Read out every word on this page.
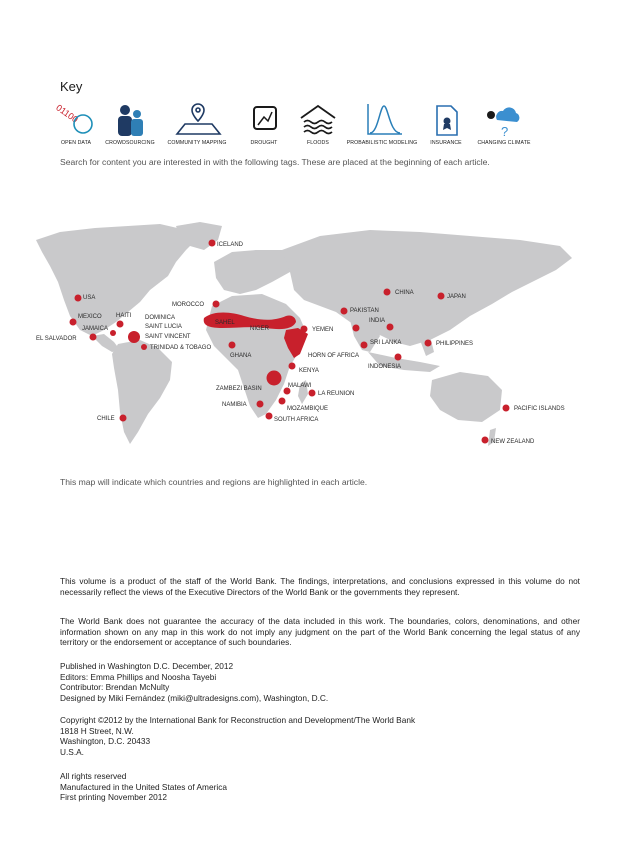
Key
01100
?
OPEN DATA	CROWDSOURCING COMMUNITY MAPPING	DROUGHT	FLOODS	PROBABILISTIC MODELING	INSURANCE	CHANGING CLIMATE
Search for content you are interested in with the following tags. These are placed at the beginning of each article.
ICELAND
USA
MOROCCO
CHINA
JAPAN
PAKISTAN
INDIA
MEXICO HAITI DOMINICA
SAINT LUCIA
SAINT VINCENT
JAMAICA
EL SALVADOR
TRINIDAD & TOBAGO
SAHEL
NIGER	YEMEN
SRI LANKA	PHILIPPINES
GHANA	HORN OF AFRICA
INDONESIA
KENYA
ZAMBEZI BASIN	MALAWI
LA REUNION
NAMIBIA
MOZAMBIQUE
SOUTH AFRICA
CHILE
PACIFIC ISLANDS
NEW ZEALAND
This map will indicate which countries and regions are highlighted in each article.

This volume is a product of the staff of the World Bank. The findings, interpretations, and conclusions expressed in this volume do not necessarily reflect the views of the Executive Directors of the World Bank or the governments they represent.

The World Bank does not guarantee the accuracy of the data included in this work. The boundaries, colors, denominations, and other information shown on any map in this work do not imply any judgment on the part of the World Bank concerning the legal status of any territory or the endorsement or acceptance of such boundaries.

Published in Washington D.C. December, 2012
Editors: Emma Phillips and Noosha Tayebi
Contributor: Brendan McNulty
Designed by Miki Fernández (miki@ultradesigns.com), Washington, D.C.
Copyright ©2012 by the International Bank for Reconstruction and Development/The World Bank
1818 H Street, N.W.
Washington, D.C. 20433
U.S.A.
All rights reserved
Manufactured in the United States of America
First printing November 2012
